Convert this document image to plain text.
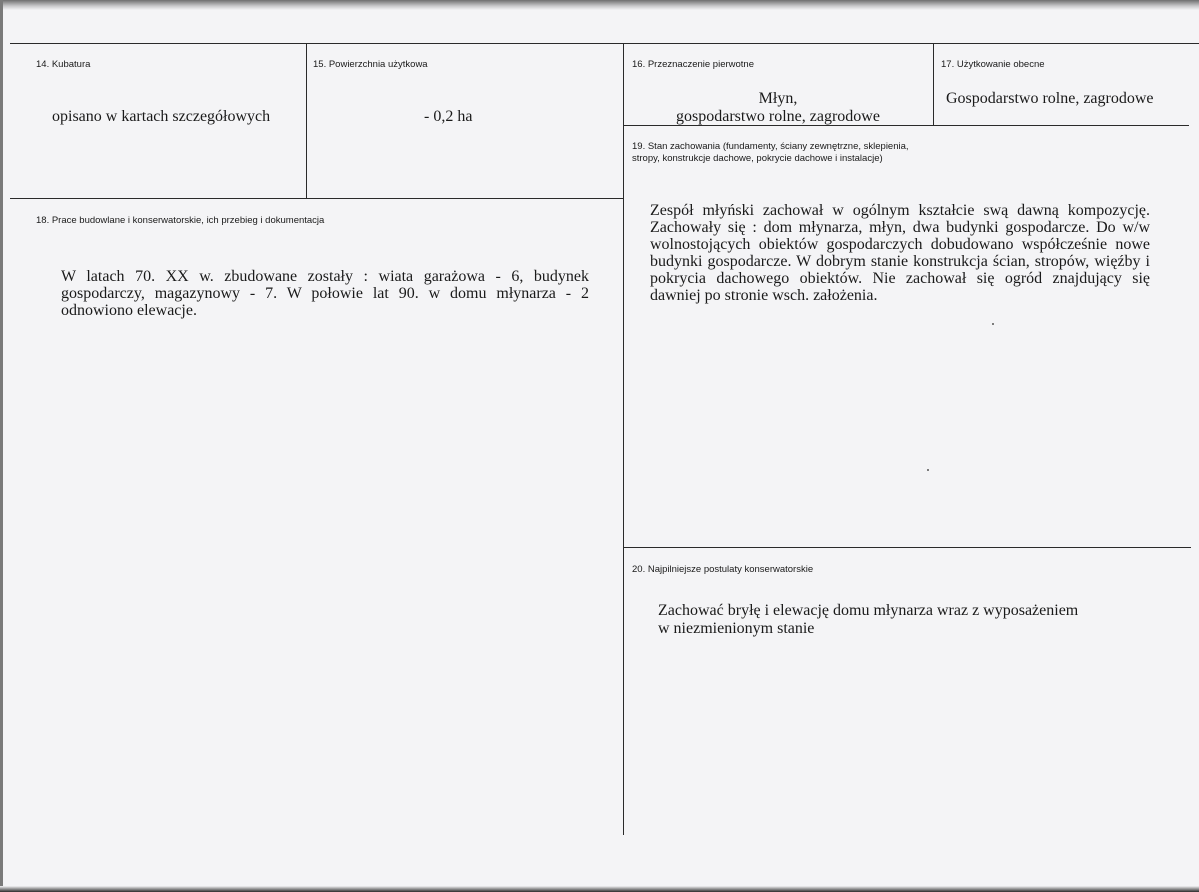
14. Kubatura
opisano w kartach szczegółowych
15. Powierzchnia użytkowa
- 0,2 ha
16. Przeznaczenie pierwotne
Młyn,
gospodarstwo rolne, zagrodowe
17. Użytkowanie obecne
Gospodarstwo rolne, zagrodowe
18. Prace budowlane i konserwatorskie, ich przebieg i dokumentacja
W latach 70. XX w. zbudowane zostały : wiata garażowa - 6, budynek gospodarczy, magazynowy - 7. W połowie lat 90. w domu młynarza - 2 odnowiono elewacje.
19. Stan zachowania (fundamenty, ściany zewnętrzne, sklepienia,
stropy, konstrukcje dachowe, pokrycie dachowe i instalacje)
Zespół młyński zachował w ogólnym kształcie swą dawną kompozycję. Zachowały się : dom młynarza, młyn, dwa budynki gospodarcze. Do w/w wolnostojących obiektów gospodarczych dobudowano współcześnie nowe budynki gospodarcze. W dobrym stanie konstrukcja ścian, stropów, więźby i pokrycia dachowego obiektów. Nie zachował się ogród znajdujący się dawniej po stronie wsch. założenia.
20. Najpilniejsze postulaty konserwatorskie
Zachować bryłę i elewację domu młynarza wraz z wyposażeniem
w niezmienionym stanie
